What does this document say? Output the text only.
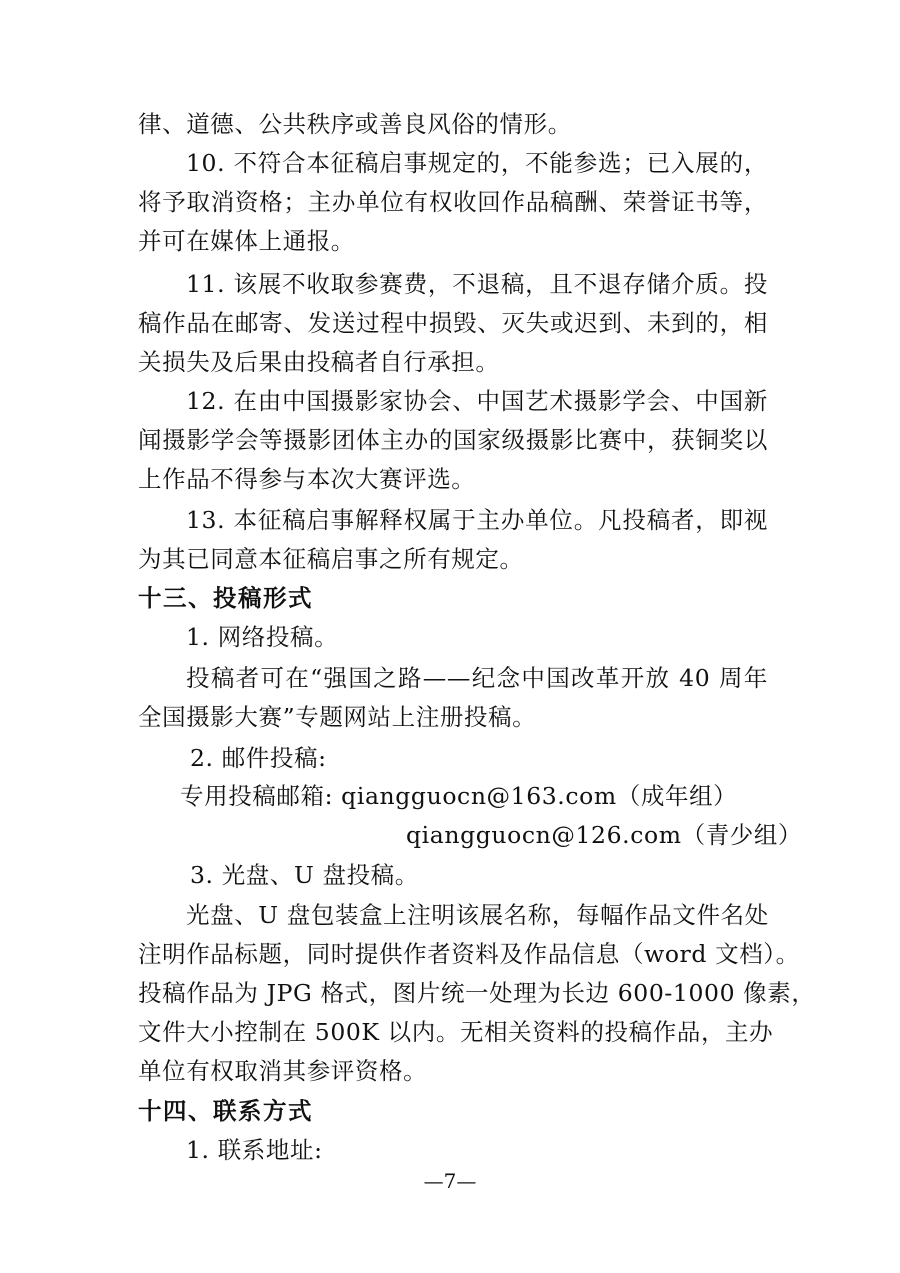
律、道德、公共秩序或善良风俗的情形。
10. 不符合本征稿启事规定的，不能参选；已入展的，
将予取消资格；主办单位有权收回作品稿酬、荣誉证书等，
并可在媒体上通报。
11. 该展不收取参赛费，不退稿，且不退存储介质。投
稿作品在邮寄、发送过程中损毁、灭失或迟到、未到的，相
关损失及后果由投稿者自行承担。
12. 在由中国摄影家协会、中国艺术摄影学会、中国新
闻摄影学会等摄影团体主办的国家级摄影比赛中，获铜奖以
上作品不得参与本次大赛评选。
13. 本征稿启事解释权属于主办单位。凡投稿者，即视
为其已同意本征稿启事之所有规定。
十三、投稿形式
1. 网络投稿。
投稿者可在“强国之路——纪念中国改革开放 40 周年
全国摄影大赛”专题网站上注册投稿。
2. 邮件投稿:
专用投稿邮箱: qiangguocn@163.com（成年组）
qiangguocn@126.com（青少组）
3. 光盘、U 盘投稿。
光盘、U 盘包装盒上注明该展名称，每幅作品文件名处
注明作品标题，同时提供作者资料及作品信息（word 文档）。
投稿作品为 JPG 格式，图片统一处理为长边 600-1000 像素，
文件大小控制在 500K 以内。无相关资料的投稿作品，主办
单位有权取消其参评资格。
十四、联系方式
1. 联系地址:
—7—
